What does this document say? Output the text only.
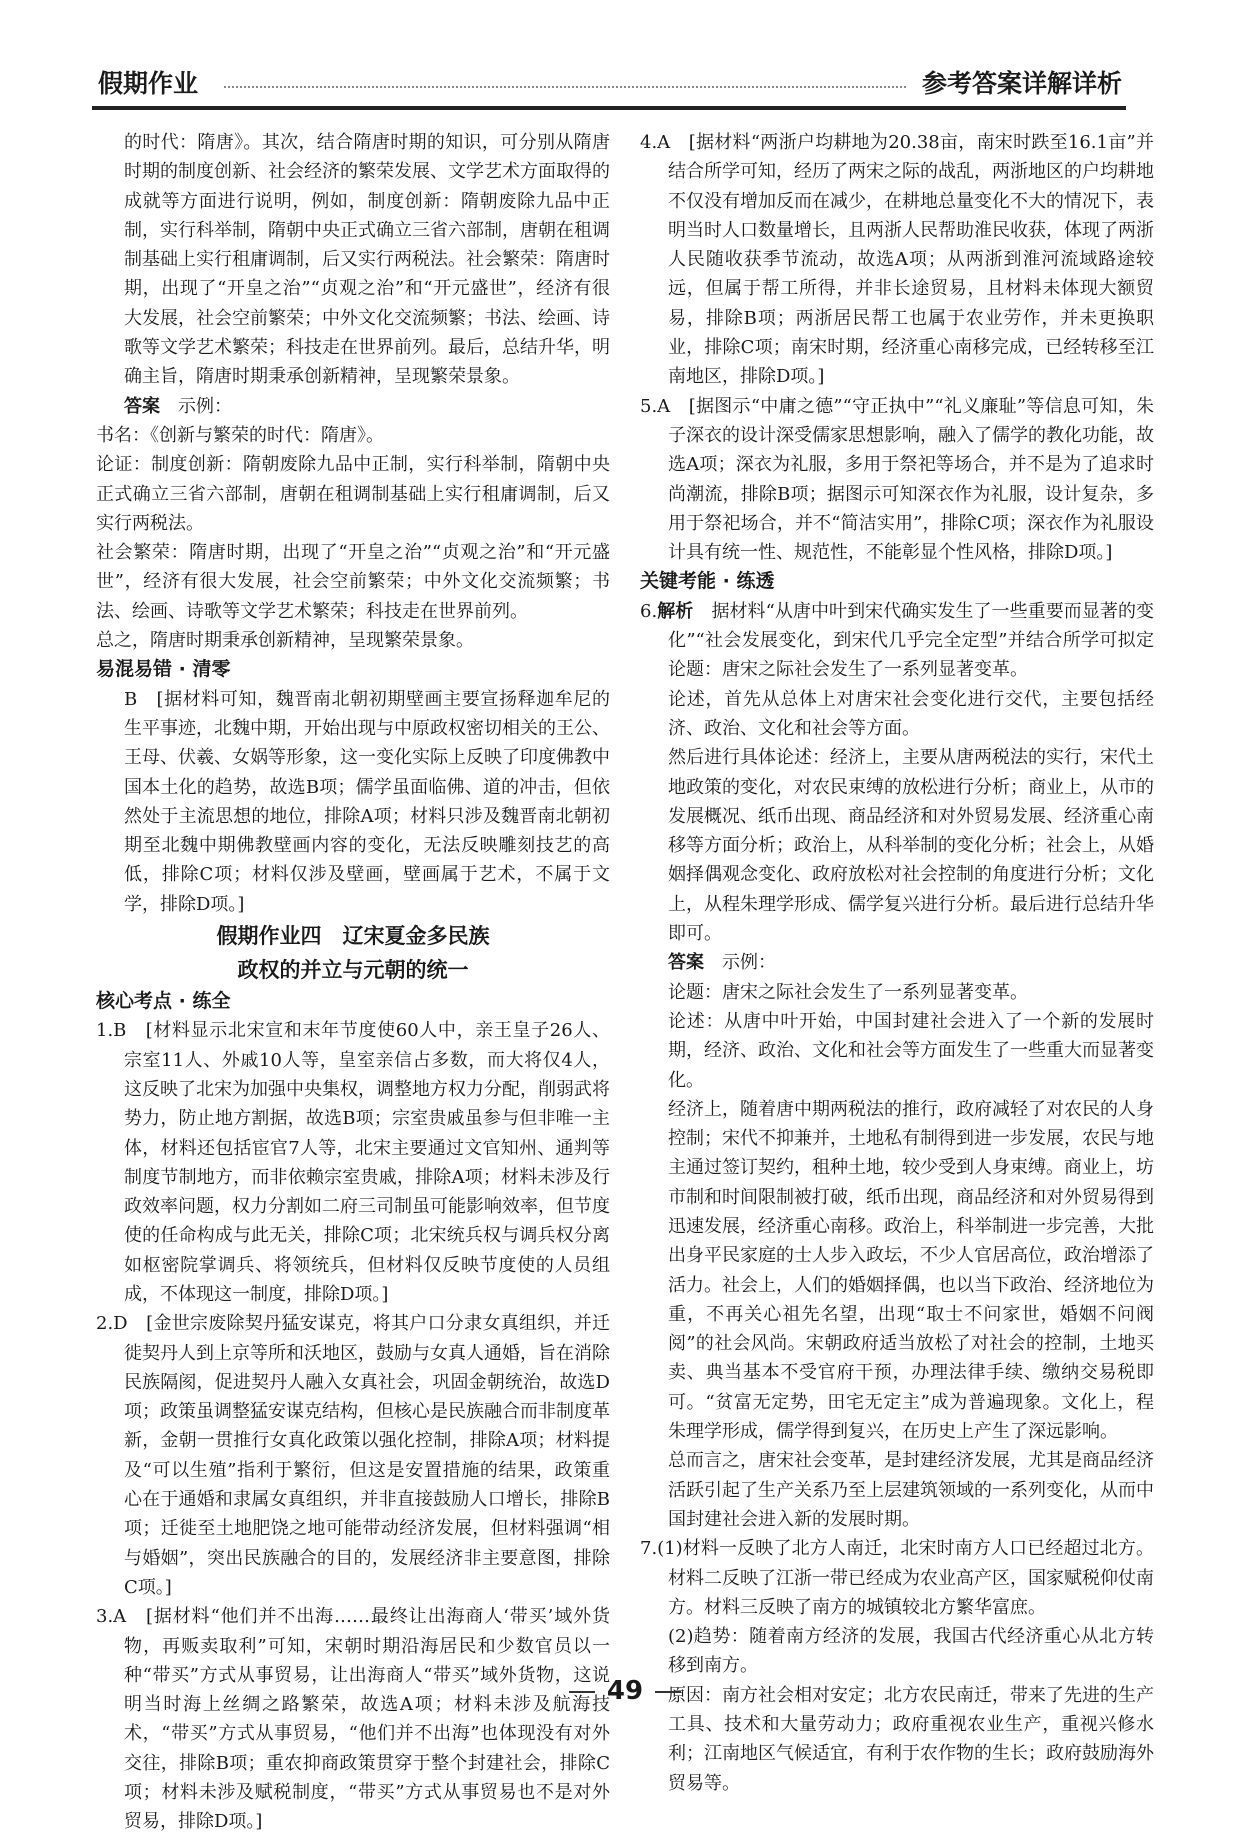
假期作业	参考答案详解详析

的时代：隋唐》。其次，结合隋唐时期的知识，可分别从隋唐时期的制度创新、社会经济的繁荣发展、文学艺术方面取得的成就等方面进行说明，例如，制度创新：隋朝废除九品中正制，实行科举制，隋朝中央正式确立三省六部制，唐朝在租调制基础上实行租庸调制，后又实行两税法。社会繁荣：隋唐时期，出现了“开皇之治”“贞观之治”和“开元盛世”，经济有很大发展，社会空前繁荣；中外文化交流频繁；书法、绘画、诗歌等文学艺术繁荣；科技走在世界前列。最后，总结升华，明确主旨，隋唐时期秉承创新精神，呈现繁荣景象。

答案　 示例：

书名：《创新与繁荣的时代：隋唐》。

论证：制度创新：隋朝废除九品中正制，实行科举制，隋朝中央正式确立三省六部制，唐朝在租调制基础上实行租庸调制，后又实行两税法。

社会繁荣：隋唐时期，出现了“开皇之治”“贞观之治”和“开元盛世”，经济有很大发展，社会空前繁荣；中外文化交流频繁；书法、绘画、诗歌等文学艺术繁荣；科技走在世界前列。

总之，隋唐时期秉承创新精神，呈现繁荣景象。

易混易错 · 清零

B　[据材料可知，魏晋南北朝初期壁画主要宣扬释迦牟尼的生平事迹，北魏中期，开始出现与中原政权密切相关的王公、王母、伏羲、女娲等形象，这一变化实际上反映了印度佛教中国本土化的趋势，故选B项；儒学虽面临佛、道的冲击，但依然处于主流思想的地位，排除A项；材料只涉及魏晋南北朝初期至北魏中期佛教壁画内容的变化，无法反映雕刻技艺的高低，排除C项；材料仅涉及壁画，壁画属于艺术，不属于文学，排除D项。]

假期作业四　辽宋夏金多民族

政权的并立与元朝的统一

核心考点 · 练全

1.B　[材料显示北宋宣和末年节度使60人中，亲王皇子26人、宗室11人、外戚10人等，皇室亲信占多数，而大将仅4人，这反映了北宋为加强中央集权，调整地方权力分配，削弱武将势力，防止地方割据，故选B项；宗室贵戚虽参与但非唯一主体，材料还包括宦官7人等，北宋主要通过文官知州、通判等制度节制地方，而非依赖宗室贵戚，排除A项；材料未涉及行政效率问题，权力分割如二府三司制虽可能影响效率，但节度使的任命构成与此无关，排除C项；北宋统兵权与调兵权分离如枢密院掌调兵、将领统兵，但材料仅反映节度使的人员组成，不体现这一制度，排除D项。]

2.D　[金世宗废除契丹猛安谋克，将其户口分隶女真组织，并迁徙契丹人到上京等所和沃地区，鼓励与女真人通婚，旨在消除民族隔阂，促进契丹人融入女真社会，巩固金朝统治，故选D项；政策虽调整猛安谋克结构，但核心是民族融合而非制度革新，金朝一贯推行女真化政策以强化控制，排除A项；材料提及“可以生殖”指利于繁衍，但这是安置措施的结果，政策重心在于通婚和隶属女真组织，并非直接鼓励人口增长，排除B项；迁徙至土地肥饶之地可能带动经济发展，但材料强调“相与婚姻”，突出民族融合的目的，发展经济非主要意图，排除C项。]

3.A　[据材料“他们并不出海……最终让出海商人‘带买’域外货物，再贩卖取利”可知，宋朝时期沿海居民和少数官员以一种“带买”方式从事贸易，让出海商人“带买”域外货物，这说明当时海上丝绸之路繁荣，故选A项；材料未涉及航海技术，“带买”方式从事贸易，“他们并不出海”也体现没有对外交往，排除B项；重农抑商政策贯穿于整个封建社会，排除C项；材料未涉及赋税制度，“带买”方式从事贸易也不是对外贸易，排除D项。]

4.A　[据材料“两浙户均耕地为20.38亩，南宋时跌至16.1亩”并结合所学可知，经历了两宋之际的战乱，两浙地区的户均耕地不仅没有增加反而在减少，在耕地总量变化不大的情况下，表明当时人口数量增长，且两浙人民帮助淮民收获，体现了两浙人民随收获季节流动，故选A项；从两浙到淮河流域路途较远，但属于帮工所得，并非长途贸易，且材料未体现大额贸易，排除B项；两浙居民帮工也属于农业劳作，并未更换职业，排除C项；南宋时期，经济重心南移完成，已经转移至江南地区，排除D项。]

5.A　[据图示“中庸之德”“守正执中”“礼义廉耻”等信息可知，朱子深衣的设计深受儒家思想影响，融入了儒学的教化功能，故选A项；深衣为礼服，多用于祭祀等场合，并不是为了追求时尚潮流，排除B项；据图示可知深衣作为礼服，设计复杂，多用于祭祀场合，并不“简洁实用”，排除C项；深衣作为礼服设计具有统一性、规范性，不能彰显个性风格，排除D项。]

关键考能 · 练透

6.解析　 据材料“从唐中叶到宋代确实发生了一些重要而显著的变化”“社会发展变化，到宋代几乎完全定型”并结合所学可拟定论题：唐宋之际社会发生了一系列显著变革。

论述，首先从总体上对唐宋社会变化进行交代，主要包括经济、政治、文化和社会等方面。

然后进行具体论述：经济上，主要从唐两税法的实行，宋代土地政策的变化，对农民束缚的放松进行分析；商业上，从市的发展概况、纸币出现、商品经济和对外贸易发展、经济重心南移等方面分析；政治上，从科举制的变化分析；社会上，从婚姻择偶观念变化、政府放松对社会控制的角度进行分析；文化上，从程朱理学形成、儒学复兴进行分析。最后进行总结升华即可。

答案　 示例：

论题：唐宋之际社会发生了一系列显著变革。

论述：从唐中叶开始，中国封建社会进入了一个新的发展时期，经济、政治、文化和社会等方面发生了一些重大而显著变化。

经济上，随着唐中期两税法的推行，政府减轻了对农民的人身控制；宋代不抑兼并，土地私有制得到进一步发展，农民与地主通过签订契约，租种土地，较少受到人身束缚。商业上，坊市制和时间限制被打破，纸币出现，商品经济和对外贸易得到迅速发展，经济重心南移。政治上，科举制进一步完善，大批出身平民家庭的士人步入政坛，不少人官居高位，政治增添了活力。社会上，人们的婚姻择偶，也以当下政治、经济地位为重，不再关心祖先名望，出现“取士不问家世，婚姻不问阀阅”的社会风尚。宋朝政府适当放松了对社会的控制，土地买卖、典当基本不受官府干预，办理法律手续、缴纳交易税即可。“贫富无定势，田宅无定主”成为普遍现象。文化上，程朱理学形成，儒学得到复兴，在历史上产生了深远影响。

总而言之，唐宋社会变革，是封建经济发展，尤其是商品经济活跃引起了生产关系乃至上层建筑领域的一系列变化，从而中国封建社会进入新的发展时期。

7.(1)材料一反映了北方人南迁，北宋时南方人口已经超过北方。材料二反映了江浙一带已经成为农业高产区，国家赋税仰仗南方。材料三反映了南方的城镇较北方繁华富庶。

(2)趋势：随着南方经济的发展，我国古代经济重心从北方转移到南方。

原因：南方社会相对安定；北方农民南迁，带来了先进的生产工具、技术和大量劳动力；政府重视农业生产，重视兴修水利；江南地区气候适宜，有利于农作物的生长；政府鼓励海外贸易等。

49
